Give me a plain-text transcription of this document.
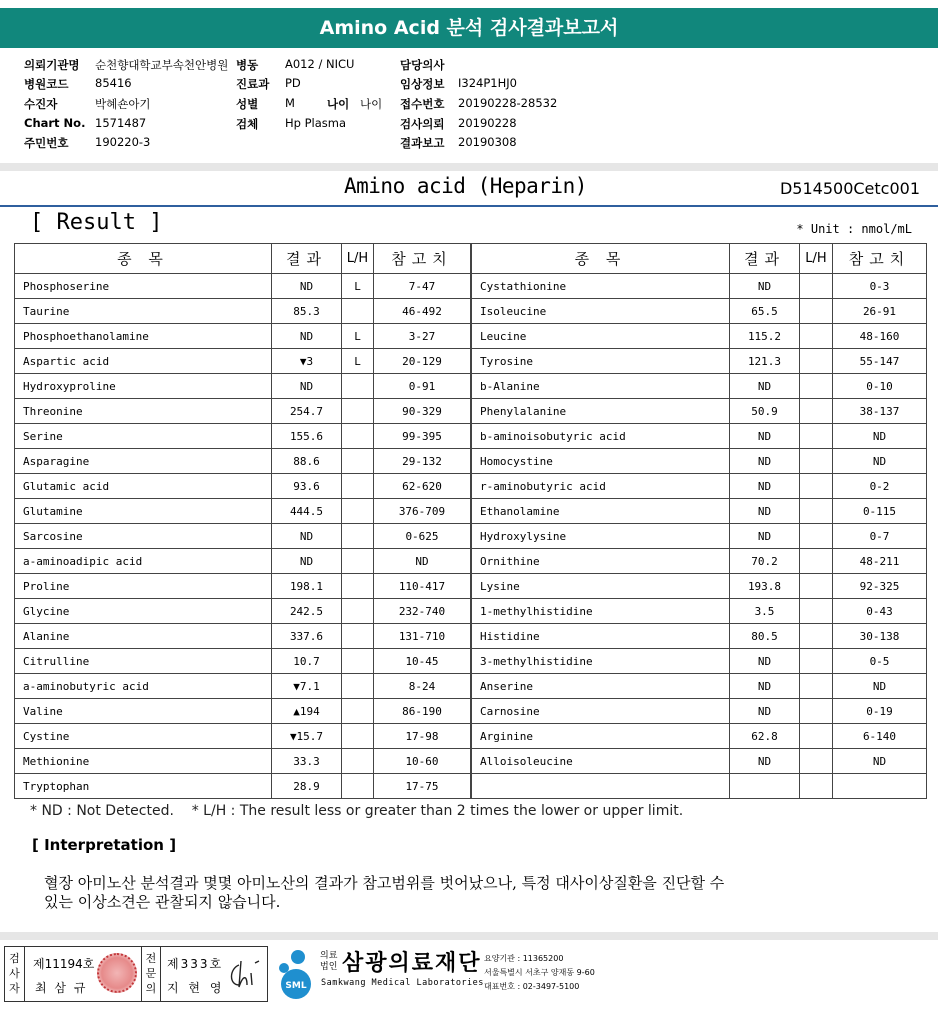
Amino Acid 분석 검사결과보고서
의뢰기관명 순천향대학교부속천안병원 병동 A012 / NICU	담당의사
병원코드 85416	진료과 PD	임상정보 I324P1HJ0
수진자	박혜숀아기	성별 M	나이 나이 접수번호 20190228-28532
Chart No. 1571487	검체 Hp Plasma	검사의뢰 20190228
주민번호 190220-3	결과보고 20190308
Amino acid (Heparin)	D514500Cetc001
[ Result ]	* Unit : nmol/mL
종 목	결과	L/H	참고치
Phosphoserine	ND	L	7-47
Taurine	85.3		46-492
Phosphoethanolamine	ND	L	3-27
Aspartic acid	▼3	L	20-129
Hydroxyproline	ND		0-91
Threonine	254.7		90-329
Serine	155.6		99-395
Asparagine	88.6		29-132
Glutamic acid	93.6		62-620
Glutamine	444.5		376-709
Sarcosine	ND		0-625
a-aminoadipic acid	ND		ND
Proline	198.1		110-417
Glycine	242.5		232-740
Alanine	337.6		131-710
Citrulline	10.7		10-45
a-aminobutyric acid	▼7.1		8-24
Valine	▲194		86-190
Cystine	▼15.7		17-98
Methionine	33.3		10-60
Tryptophan	28.9		17-75
종 목	결과	L/H	참고치
Cystathionine	ND		0-3
Isoleucine	65.5		26-91
Leucine	115.2		48-160
Tyrosine	121.3		55-147
b-Alanine	ND		0-10
Phenylalanine	50.9		38-137
b-aminoisobutyric acid	ND		ND
Homocystine	ND		ND
r-aminobutyric acid	ND		0-2
Ethanolamine	ND		0-115
Hydroxylysine	ND		0-7
Ornithine	70.2		48-211
Lysine	193.8		92-325
1-methylhistidine	3.5		0-43
Histidine	80.5		30-138
3-methylhistidine	ND		0-5
Anserine	ND		ND
Carnosine	ND		0-19
Arginine	62.8		6-140
Alloisoleucine	ND		ND

* ND : Not Detected.    * L/H : The result less or greater than 2 times the lower or upper limit.
[ Interpretation ]
혈장 아미노산 분석결과 몇몇 아미노산의 결과가 참고범위를 벗어났으나, 특정 대사이상질환을 진단할 수
있는 이상소견은 관찰되지 않습니다.
검사자
제11194호
최 삼 규
전문의
제333호
지 현 영	SML
의료
법인 삼광의료재단
Samkwang Medical Laboratories
요양기관 : 11365200
서울특별시 서초구 양재동 9-60
대표번호 : 02-3497-5100
